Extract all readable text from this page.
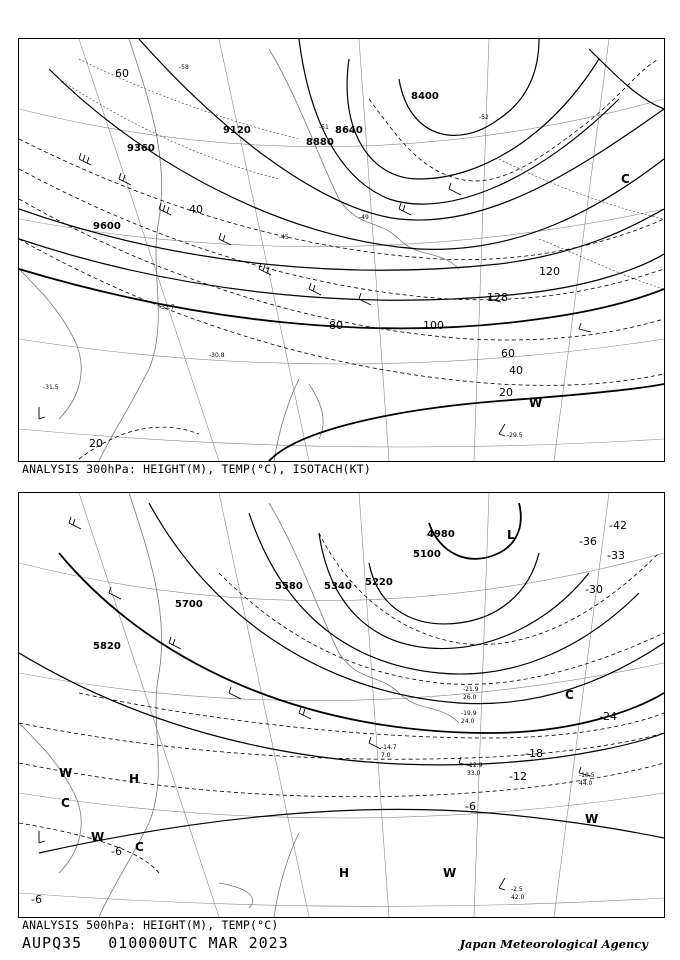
-29.5
-31.5
-30.8
-31.7
-45
-49
-51
-52
-58
9600
9120
8880
8640
8400
9360
20
40
60
80	100
120
128
20
40
60
W
C
ANALYSIS 300hPa: HEIGHT(M), TEMP(°C), ISOTACH(KT)
-2.5
42.0
-12.9
33.0	-10.5
44.0
-14.7
7.0
-21.9
26.0
-19.9
24.0
5820
5700
5580 5340 5220
5100
4980
-6
-12
-18
-24
-30
-33
-36
-42
-6
-6
H
H
L
C
C
C
W
W
W
W
ANALYSIS 500hPa: HEIGHT(M), TEMP(°C)
AUPQ35 010000UTC MAR 2023	Japan Meteorological Agency
